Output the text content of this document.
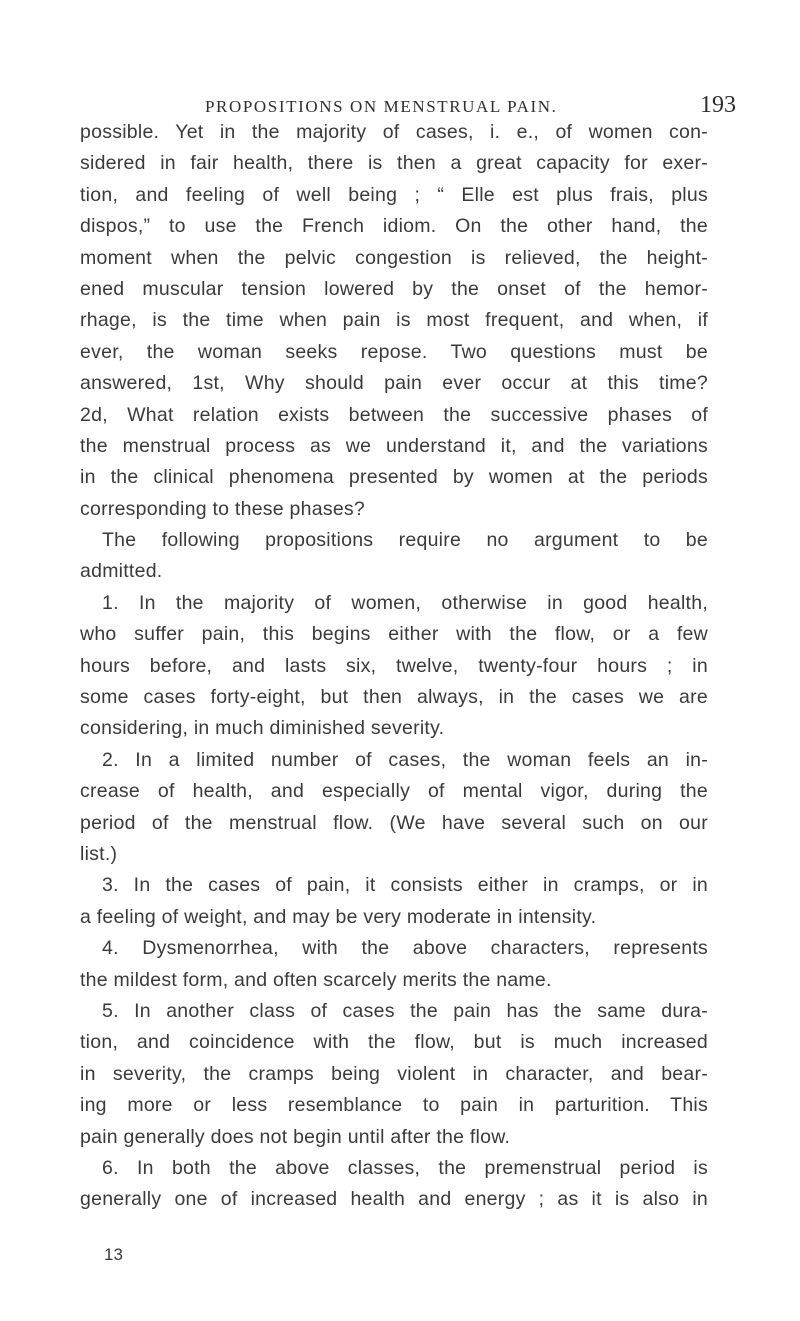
PROPOSITIONS ON MENSTRUAL PAIN.	193
possible. Yet in the majority of cases, i. e., of women con-
sidered in fair health, there is then a great capacity for exer-
tion, and feeling of well being ; “ Elle est plus frais, plus
dispos,” to use the French idiom. On the other hand, the
moment when the pelvic congestion is relieved, the height-
ened muscular tension lowered by the onset of the hemor-
rhage, is the time when pain is most frequent, and when, if
ever, the woman seeks repose. Two questions must be
answered, 1st, Why should pain ever occur at this time?
2d, What relation exists between the successive phases of
the menstrual process as we understand it, and the variations
in the clinical phenomena presented by women at the periods
corresponding to these phases?
The following propositions require no argument to be
admitted.
1. In the majority of women, otherwise in good health,
who suffer pain, this begins either with the flow, or a few
hours before, and lasts six, twelve, twenty-four hours ; in
some cases forty-eight, but then always, in the cases we are
considering, in much diminished severity.
2. In a limited number of cases, the woman feels an in-
crease of health, and especially of mental vigor, during the
period of the menstrual flow. (We have several such on our
list.)
3. In the cases of pain, it consists either in cramps, or in
a feeling of weight, and may be very moderate in intensity.
4. Dysmenorrhea, with the above characters, represents
the mildest form, and often scarcely merits the name.
5. In another class of cases the pain has the same dura-
tion, and coincidence with the flow, but is much increased
in severity, the cramps being violent in character, and bear-
ing more or less resemblance to pain in parturition. This
pain generally does not begin until after the flow.
6. In both the above classes, the premenstrual period is
generally one of increased health and energy ; as it is also in
13
